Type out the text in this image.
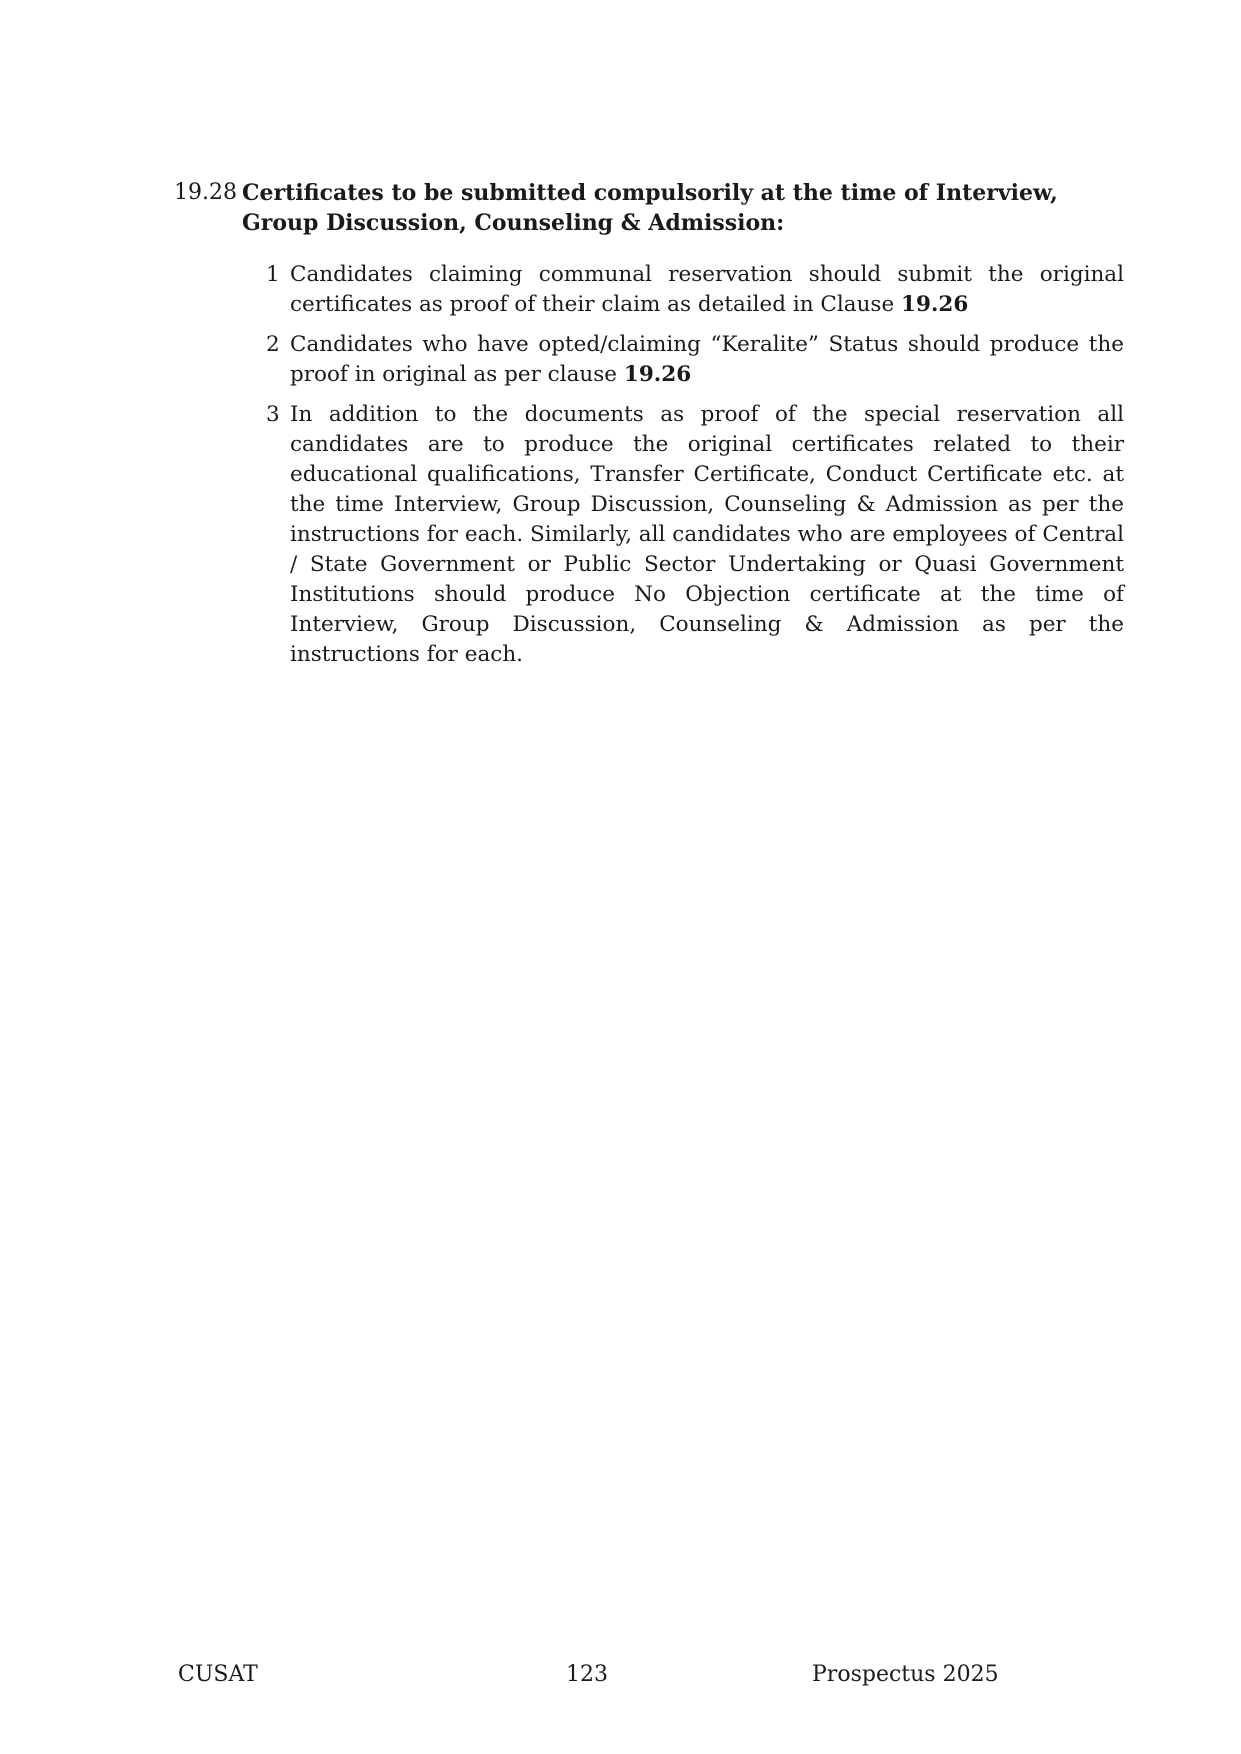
19.28 Certificates to be submitted compulsorily at the time of Interview, Group Discussion, Counseling & Admission:
1 Candidates claiming communal reservation should submit the original certificates as proof of their claim as detailed in Clause 19.26
2 Candidates who have opted/claiming “Keralite” Status should produce the proof in original as per clause 19.26
3 In addition to the documents as proof of the special reservation all candidates are to produce the original certificates related to their educational qualifications, Transfer Certificate, Conduct Certificate etc. at the time Interview, Group Discussion, Counseling & Admission as per the instructions for each. Similarly, all candidates who are employees of Central / State Government or Public Sector Undertaking or Quasi Government Institutions should produce No Objection certificate at the time of Interview, Group Discussion, Counseling & Admission as per the instructions for each.
CUSAT	123	Prospectus 2025
